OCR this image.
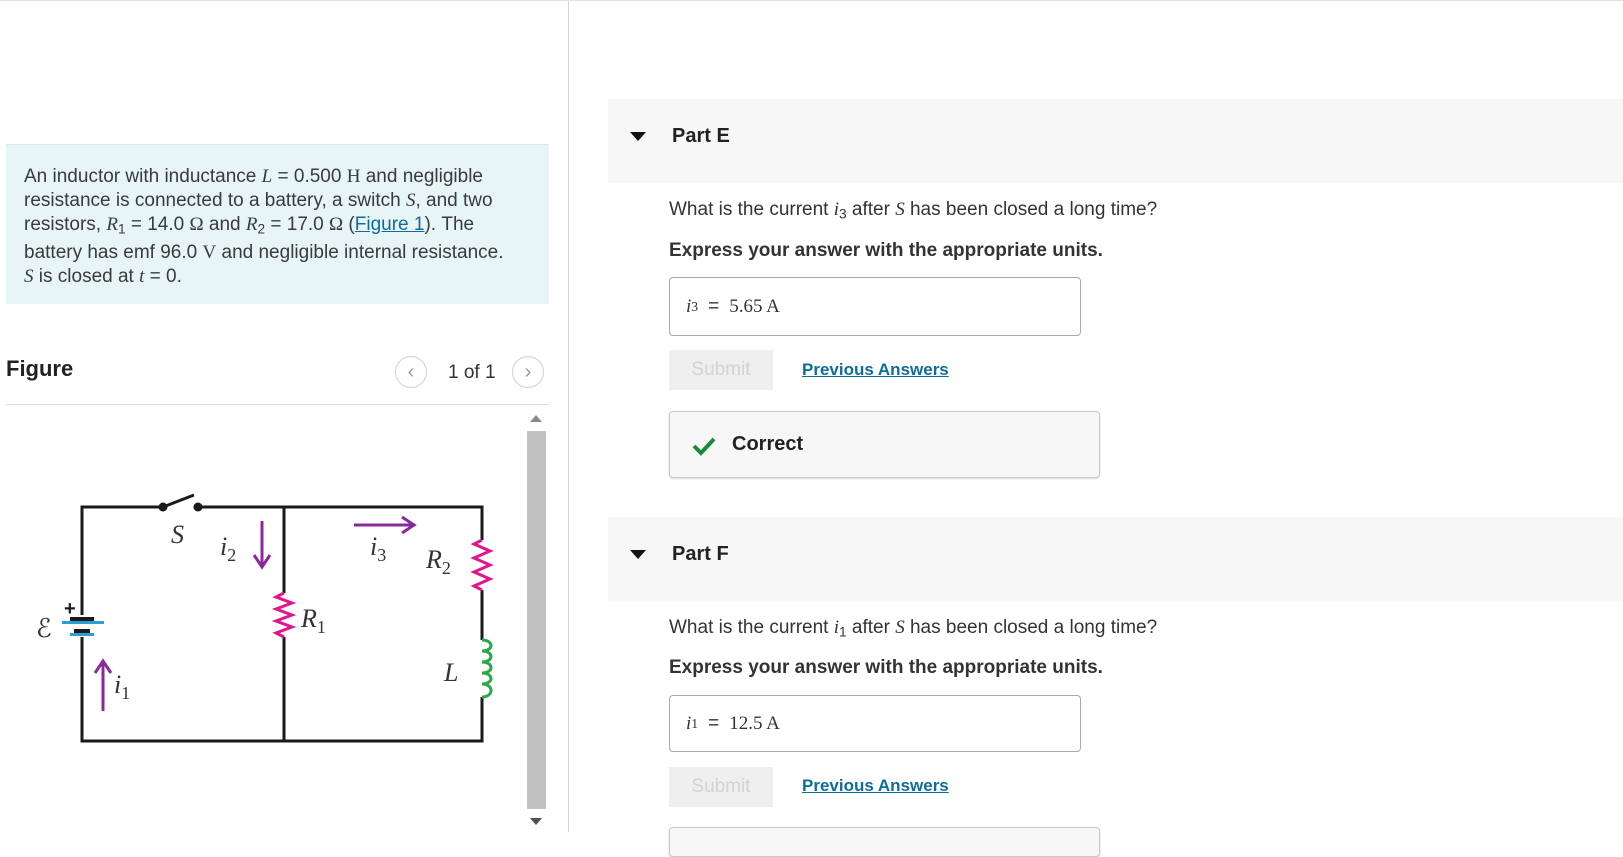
An inductor with inductance L = 0.500 H and negligible
resistance is connected to a battery, a switch S, and two
resistors, $R_1 = 14.0$ Ω and $R_2 = 17.0$ Ω (Figure 1). The
battery has emf 96.0 V and negligible internal resistance.
S is closed at t = 0.
Figure	‹ 1 of 1 ›
S $i_2$	$i_3$ $R_2$
$R_1$
ℰ
+
$i_1$
L
Part E
What is the current $i_3$ after S has been closed a long time?
Express your answer with the appropriate units.
i 3 = 5.65 A
Submit	Previous Answers
Correct
Part F
What is the current $i_1$ after S has been closed a long time?
Express your answer with the appropriate units.
i 1 = 12.5 A
Submit	Previous Answers
